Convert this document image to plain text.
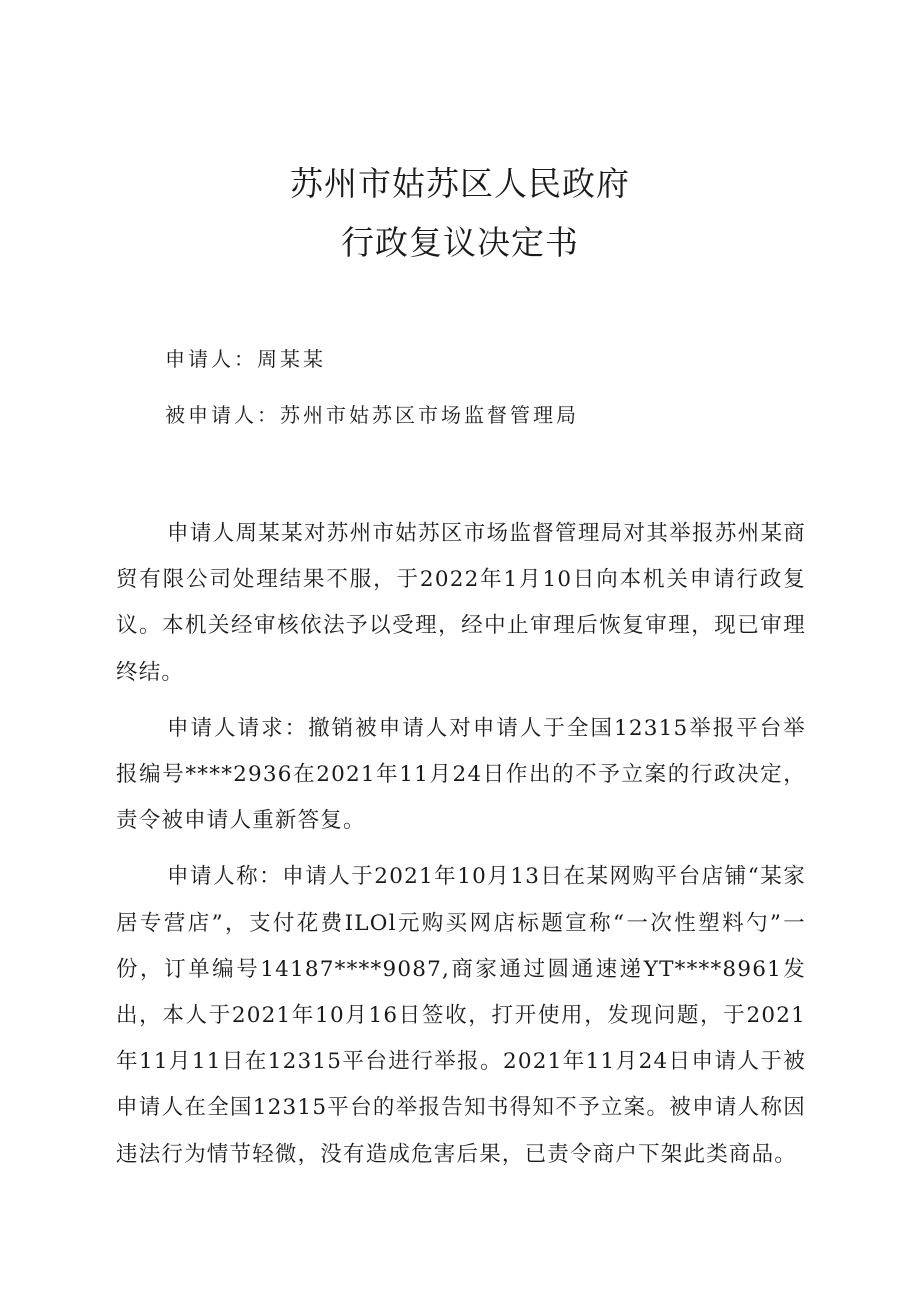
苏州市姑苏区人民政府
行政复议决定书

申请人：周某某

被申请人：苏州市姑苏区市场监督管理局

申请人周某某对苏州市姑苏区市场监督管理局对其举报苏州某商贸有限公司处理结果不服，于2022年1月10日向本机关申请行政复议。本机关经审核依法予以受理，经中止审理后恢复审理，现已审理终结。

申请人请求：撤销被申请人对申请人于全国12315举报平台举报编号****2936在2021年11月24日作出的不予立案的行政决定，责令被申请人重新答复。

申请人称：申请人于2021年10月13日在某网购平台店铺“某家居专营店”，支付花费ILOl元购买网店标题宣称“一次性塑料勺”一份，订单编号14187****9087,商家通过圆通速递YT****8961发出，本人于2021年10月16日签收，打开使用，发现问题，于2021年11月11日在12315平台进行举报。2021年11月24日申请人于被申请人在全国12315平台的举报告知书得知不予立案。被申请人称因违法行为情节轻微，没有造成危害后果，已责令商户下架此类商品。
